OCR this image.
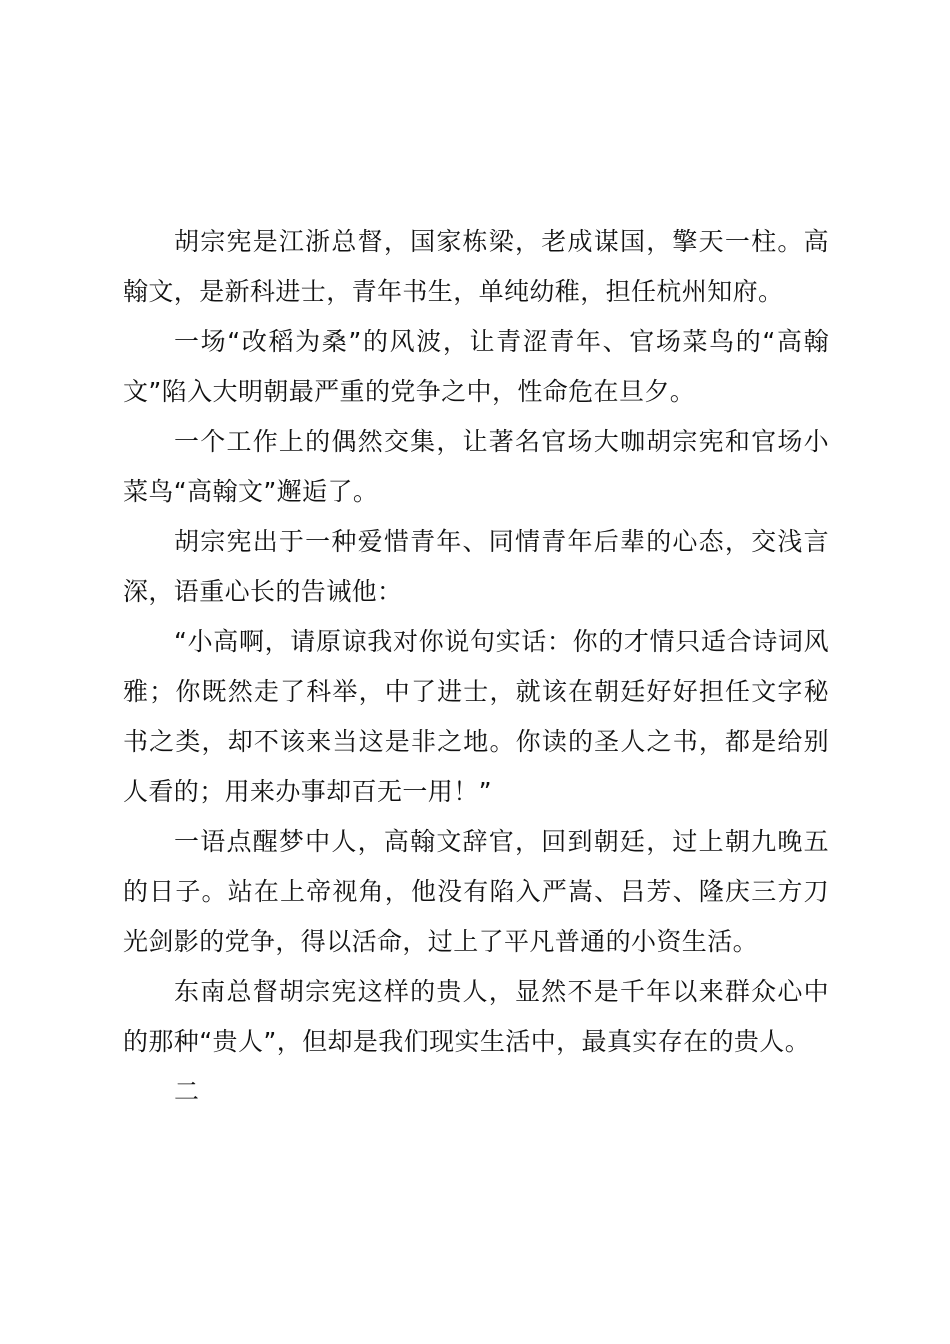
胡宗宪是江浙总督，国家栋梁，老成谋国，擎天一柱。高翰文，是新科进士，青年书生，单纯幼稚，担任杭州知府。

一场“改稻为桑”的风波，让青涩青年、官场菜鸟的“高翰文”陷入大明朝最严重的党争之中，性命危在旦夕。

一个工作上的偶然交集，让著名官场大咖胡宗宪和官场小菜鸟“高翰文”邂逅了。

胡宗宪出于一种爱惜青年、同情青年后辈的心态，交浅言深，语重心长的告诫他：

“小高啊，请原谅我对你说句实话：你的才情只适合诗词风雅；你既然走了科举，中了进士，就该在朝廷好好担任文字秘书之类，却不该来当这是非之地。你读的圣人之书，都是给别人看的；用来办事却百无一用！”

一语点醒梦中人，高翰文辞官，回到朝廷，过上朝九晚五的日子。站在上帝视角，他没有陷入严嵩、吕芳、隆庆三方刀光剑影的党争，得以活命，过上了平凡普通的小资生活。

东南总督胡宗宪这样的贵人，显然不是千年以来群众心中的那种“贵人”，但却是我们现实生活中，最真实存在的贵人。

二
